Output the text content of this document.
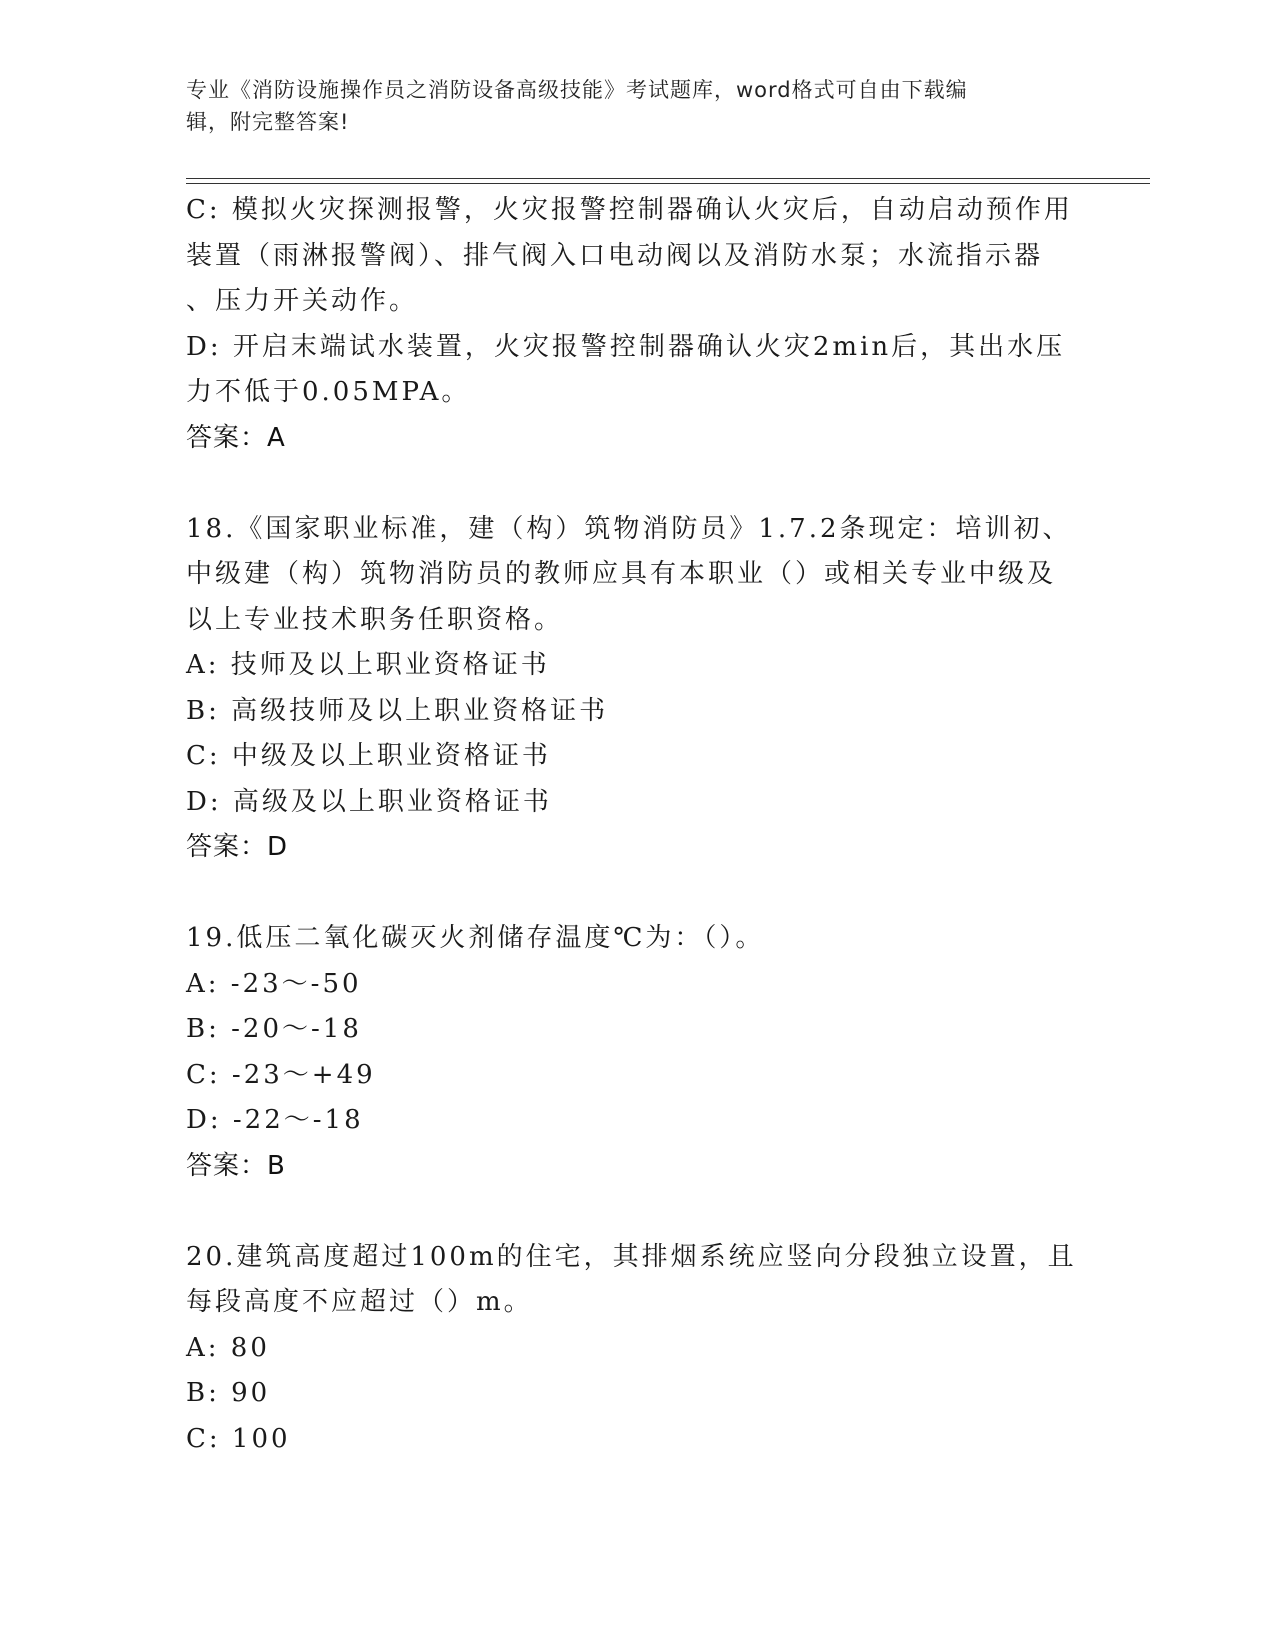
专业《消防设施操作员之消防设备高级技能》考试题库，word格式可自由下载编
辑，附完整答案!
C: 模拟火灾探测报警，火灾报警控制器确认火灾后，自动启动预作用
装置（雨淋报警阀）、排气阀入口电动阀以及消防水泵；水流指示器
、压力开关动作。
D: 开启末端试水装置，火灾报警控制器确认火灾2min后，其出水压
力不低于0.05MPA。
答案：A
18.《国家职业标准，建（构）筑物消防员》1.7.2条现定：培训初、
中级建（构）筑物消防员的教师应具有本职业（）或相关专业中级及
以上专业技术职务任职资格。
A: 技师及以上职业资格证书
B: 高级技师及以上职业资格证书
C: 中级及以上职业资格证书
D: 高级及以上职业资格证书
答案：D
19.低压二氧化碳灭火剂储存温度℃为：（）。
A: -23～-50
B: -20～-18
C: -23～+49
D: -22～-18
答案：B
20.建筑高度超过100m的住宅，其排烟系统应竖向分段独立设置，且
每段高度不应超过（）m。
A: 80
B: 90
C: 100
